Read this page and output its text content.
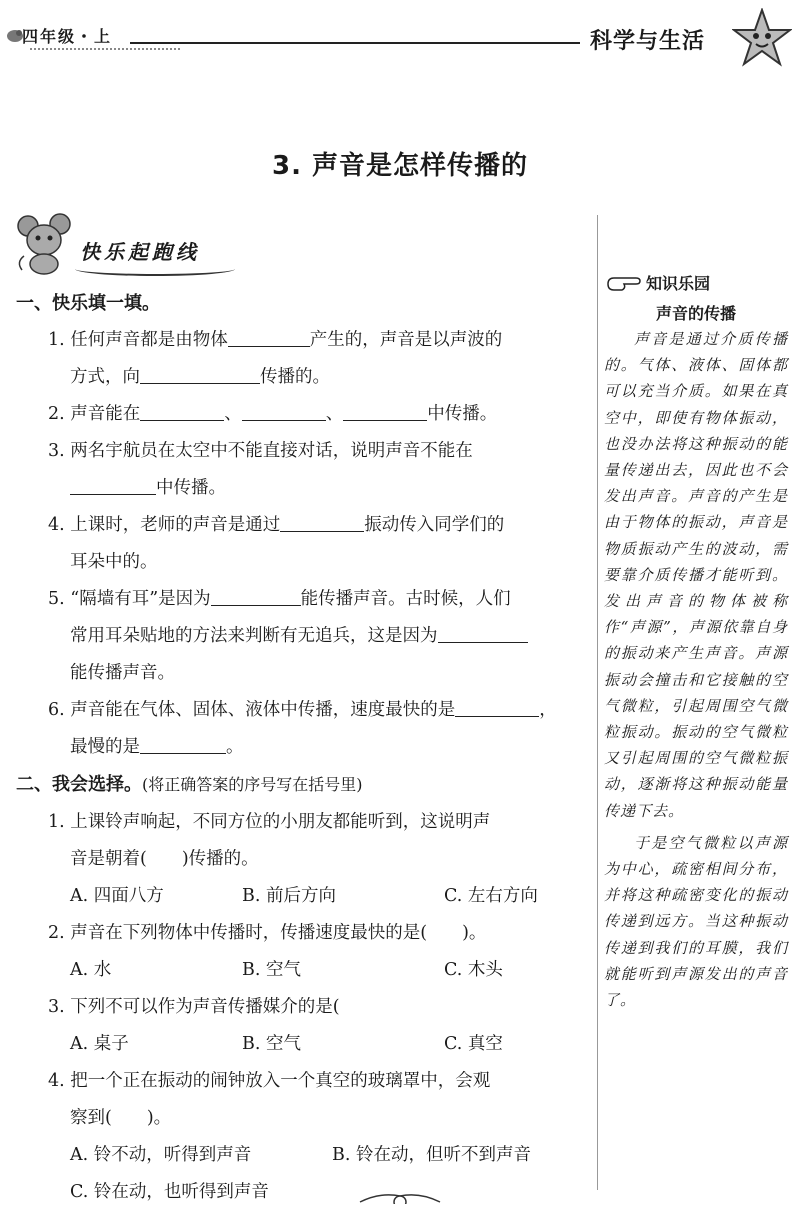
四年级・上	科学与生活
3. 声音是怎样传播的
快乐起跑线
一、快乐填一填。
1. 任何声音都是由物体	产生的，声音是以声波的
方式，向	传播的。
2. 声音能在	、	、	中传播。
3. 两名宇航员在太空中不能直接对话，说明声音不能在
中传播。
4. 上课时，老师的声音是通过	振动传入同学们的
耳朵中的。
5. “隔墙有耳”是因为	能传播声音。古时候，人们
常用耳朵贴地的方法来判断有无追兵，这是因为
能传播声音。
6. 声音能在气体、固体、液体中传播，速度最快的是	，
最慢的是	。
二、我会选择。(将正确答案的序号写在括号里)
1. 上课铃声响起，不同方位的小朋友都能听到，这说明声
音是朝着(　　)传播的。
A. 四面八方	B. 前后方向	C. 左右方向
2. 声音在下列物体中传播时，传播速度最快的是(　　)。
A. 水	B. 空气	C. 木头
3. 下列不可以作为声音传播媒介的是(
A. 桌子	B. 空气	C. 真空
4. 把一个正在振动的闹钟放入一个真空的玻璃罩中，会观
察到(　　)。
A. 铃不动，听得到声音	B. 铃在动，但听不到声音
C. 铃在动，也听得到声音
知识乐园
声音的传播

声音是通过介质传播的。气体、液体、固体都可以充当介质。如果在真空中，即使有物体振动，也没办法将这种振动的能量传递出去，因此也不会发出声音。声音的产生是由于物体的振动，声音是物质振动产生的波动，需要靠介质传播才能听到。发出声音的物体被称作“声源”，声源依靠自身的振动来产生声音。声源振动会撞击和它接触的空气微粒，引起周围空气微粒振动。振动的空气微粒又引起周围的空气微粒振动，逐渐将这种振动能量传递下去。

于是空气微粒以声源为中心，疏密相间分布，并将这种疏密变化的振动传递到远方。当这种振动传递到我们的耳膜，我们就能听到声源发出的声音了。
